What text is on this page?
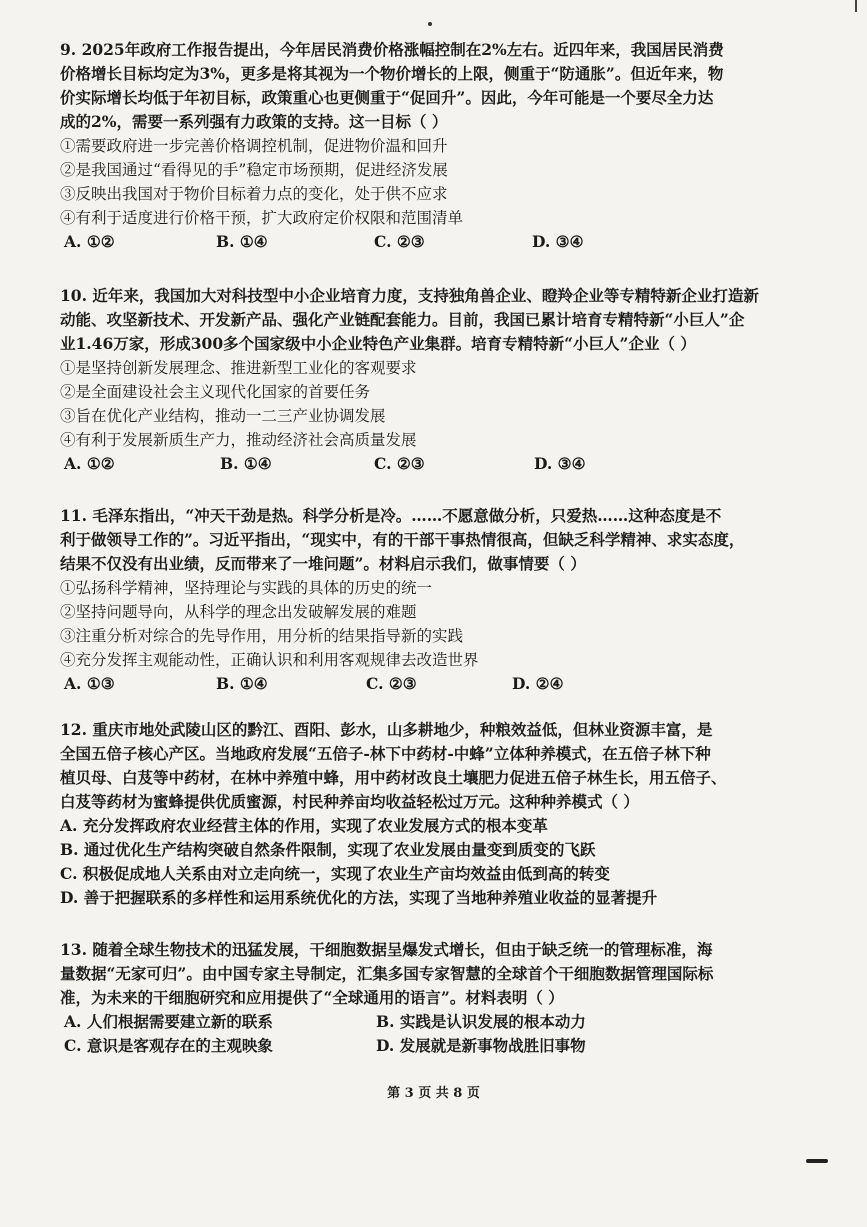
9. 2025年政府工作报告提出，今年居民消费价格涨幅控制在2%左右。近四年来，我国居民消费
价格增长目标均定为3%，更多是将其视为一个物价增长的上限，侧重于“防通胀”。但近年来，物
价实际增长均低于年初目标，政策重心也更侧重于“促回升”。因此，今年可能是一个要尽全力达
成的2%，需要一系列强有力政策的支持。这一目标（ ）
①需要政府进一步完善价格调控机制，促进物价温和回升
②是我国通过“看得见的手”稳定市场预期，促进经济发展
③反映出我国对于物价目标着力点的变化，处于供不应求
④有利于适度进行价格干预，扩大政府定价权限和范围清单
A. ①②	B. ①④	C. ②③	D. ③④
10. 近年来，我国加大对科技型中小企业培育力度，支持独角兽企业、瞪羚企业等专精特新企业打造新
动能、攻坚新技术、开发新产品、强化产业链配套能力。目前，我国已累计培育专精特新“小巨人”企
业1.46万家，形成300多个国家级中小企业特色产业集群。培育专精特新“小巨人”企业（ ）
①是坚持创新发展理念、推进新型工业化的客观要求
②是全面建设社会主义现代化国家的首要任务
③旨在优化产业结构，推动一二三产业协调发展
④有利于发展新质生产力，推动经济社会高质量发展
A. ①②	B. ①④	C. ②③	D. ③④
11. 毛泽东指出，“冲天干劲是热。科学分析是冷。……不愿意做分析，只爱热……这种态度是不
利于做领导工作的”。习近平指出，“现实中，有的干部干事热情很高，但缺乏科学精神、求实态度，
结果不仅没有出业绩，反而带来了一堆问题”。材料启示我们，做事情要（ ）
①弘扬科学精神，坚持理论与实践的具体的历史的统一
②坚持问题导向，从科学的理念出发破解发展的难题
③注重分析对综合的先导作用，用分析的结果指导新的实践
④充分发挥主观能动性，正确认识和利用客观规律去改造世界
A. ①③	B. ①④	C. ②③	D. ②④
12. 重庆市地处武陵山区的黔江、酉阳、彭水，山多耕地少，种粮效益低，但林业资源丰富，是
全国五倍子核心产区。当地政府发展“五倍子-林下中药材-中蜂”立体种养模式，在五倍子林下种
植贝母、白芨等中药材，在林中养殖中蜂，用中药材改良土壤肥力促进五倍子林生长，用五倍子、
白芨等药材为蜜蜂提供优质蜜源，村民种养亩均收益轻松过万元。这种种养模式（ ）
A. 充分发挥政府农业经营主体的作用，实现了农业发展方式的根本变革
B. 通过优化生产结构突破自然条件限制，实现了农业发展由量变到质变的飞跃
C. 积极促成地人关系由对立走向统一，实现了农业生产亩均效益由低到高的转变
D. 善于把握联系的多样性和运用系统优化的方法，实现了当地种养殖业收益的显著提升
13. 随着全球生物技术的迅猛发展，干细胞数据呈爆发式增长，但由于缺乏统一的管理标准，海
量数据“无家可归”。由中国专家主导制定，汇集多国专家智慧的全球首个干细胞数据管理国际标
准，为未来的干细胞研究和应用提供了“全球通用的语言”。材料表明（ ）
A. 人们根据需要建立新的联系	B. 实践是认识发展的根本动力
C. 意识是客观存在的主观映象	D. 发展就是新事物战胜旧事物
第 3 页 共 8 页
